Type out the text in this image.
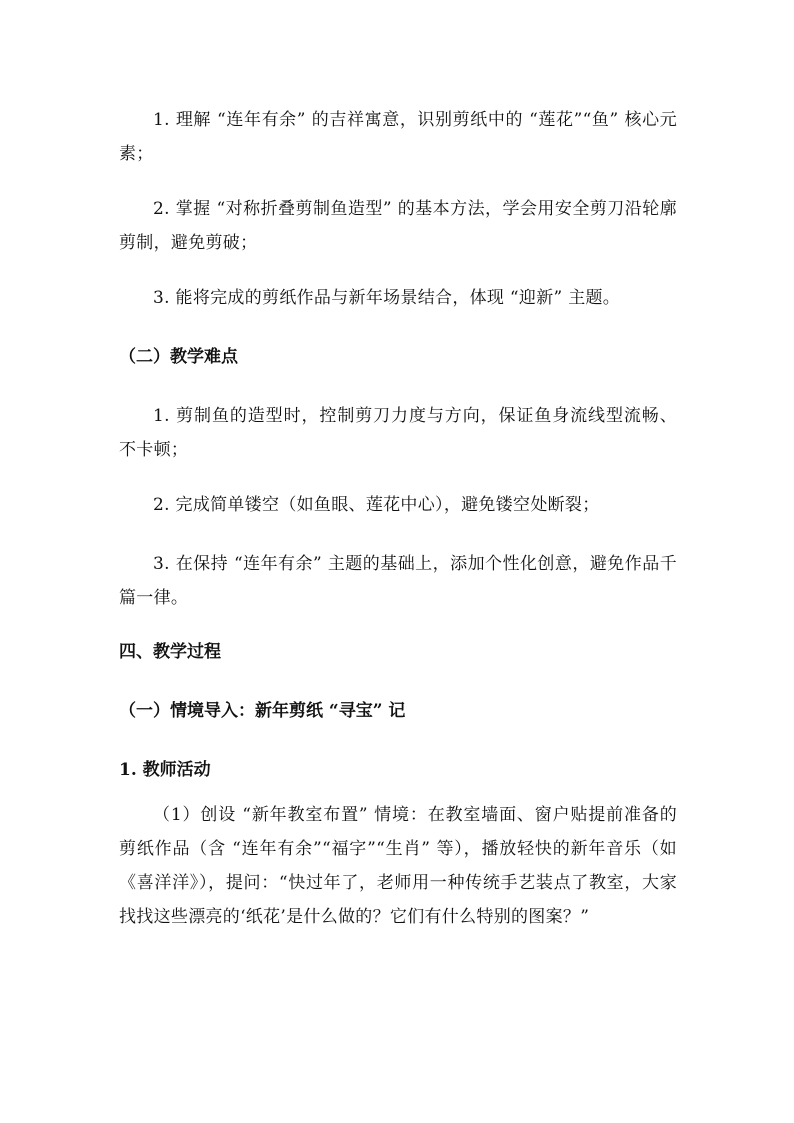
1. 理解 “连年有余” 的吉祥寓意，识别剪纸中的 “莲花”“鱼” 核心元素；

2. 掌握 “对称折叠剪制鱼造型” 的基本方法，学会用安全剪刀沿轮廓剪制，避免剪破；

3. 能将完成的剪纸作品与新年场景结合，体现 “迎新” 主题。

（二）教学难点

1. 剪制鱼的造型时，控制剪刀力度与方向，保证鱼身流线型流畅、不卡顿；

2. 完成简单镂空（如鱼眼、莲花中心），避免镂空处断裂；

3. 在保持 “连年有余” 主题的基础上，添加个性化创意，避免作品千篇一律。

四、教学过程

（一）情境导入：新年剪纸 “寻宝” 记

1. 教师活动

（1）创设 “新年教室布置” 情境：在教室墙面、窗户贴提前准备的剪纸作品（含 “连年有余”“福字”“生肖” 等），播放轻快的新年音乐（如《喜洋洋》），提问：“快过年了，老师用一种传统手艺装点了教室，大家找找这些漂亮的‘纸花’是什么做的？它们有什么特别的图案？”
